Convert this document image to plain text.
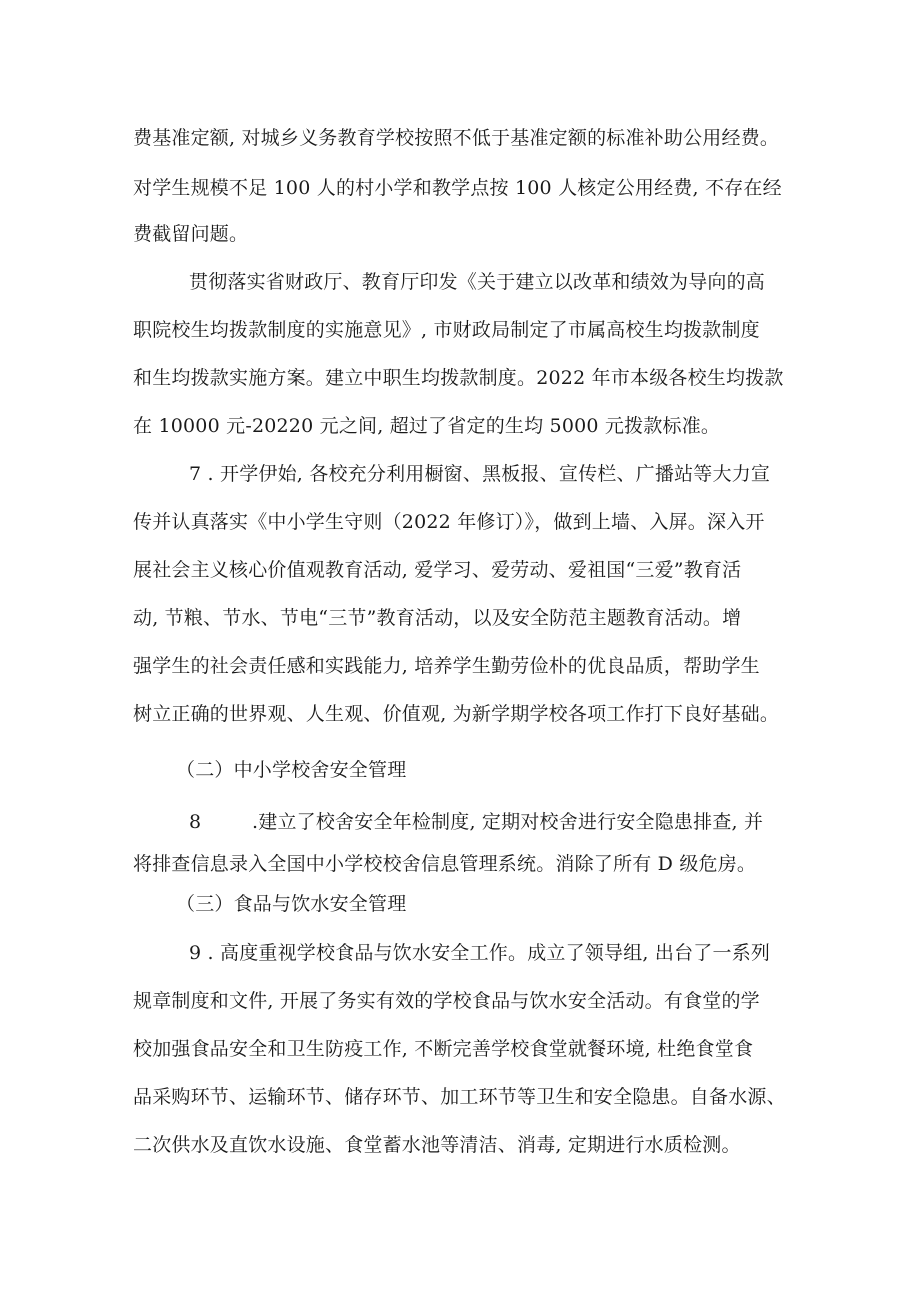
费基准定额, 对城乡义务教育学校按照不低于基准定额的标准补助公用经费。
对学生规模不足 100 人的村小学和教学点按 100 人核定公用经费, 不存在经
费截留问题。
贯彻落实省财政厅、教育厅印发《关于建立以改革和绩效为导向的高
职院校生均拨款制度的实施意见》, 市财政局制定了市属高校生均拨款制度
和生均拨款实施方案。建立中职生均拨款制度。2022 年市本级各校生均拨款
在 10000 元-20220 元之间, 超过了省定的生均 5000 元拨款标准。
7 . 开学伊始, 各校充分利用橱窗、黑板报、宣传栏、广播站等大力宣
传并认真落实《中小学生守则（2022 年修订）》，做到上墙、入屏。深入开
展社会主义核心价值观教育活动, 爱学习、爱劳动、爱祖国“三爱”教育活
动, 节粮、节水、节电“三节”教育活动，以及安全防范主题教育活动。增
强学生的社会责任感和实践能力, 培养学生勤劳俭朴的优良品质，帮助学生
树立正确的世界观、人生观、价值观, 为新学期学校各项工作打下良好基础。
（二）中小学校舍安全管理
8	.建立了校舍安全年检制度, 定期对校舍进行安全隐患排查, 并
将排查信息录入全国中小学校校舍信息管理系统。消除了所有 D 级危房。
（三）食品与饮水安全管理
9 . 高度重视学校食品与饮水安全工作。成立了领导组, 出台了一系列
规章制度和文件, 开展了务实有效的学校食品与饮水安全活动。有食堂的学
校加强食品安全和卫生防疫工作, 不断完善学校食堂就餐环境, 杜绝食堂食
品采购环节、运输环节、储存环节、加工环节等卫生和安全隐患。自备水源、
二次供水及直饮水设施、食堂蓄水池等清洁、消毒, 定期进行水质检测。
